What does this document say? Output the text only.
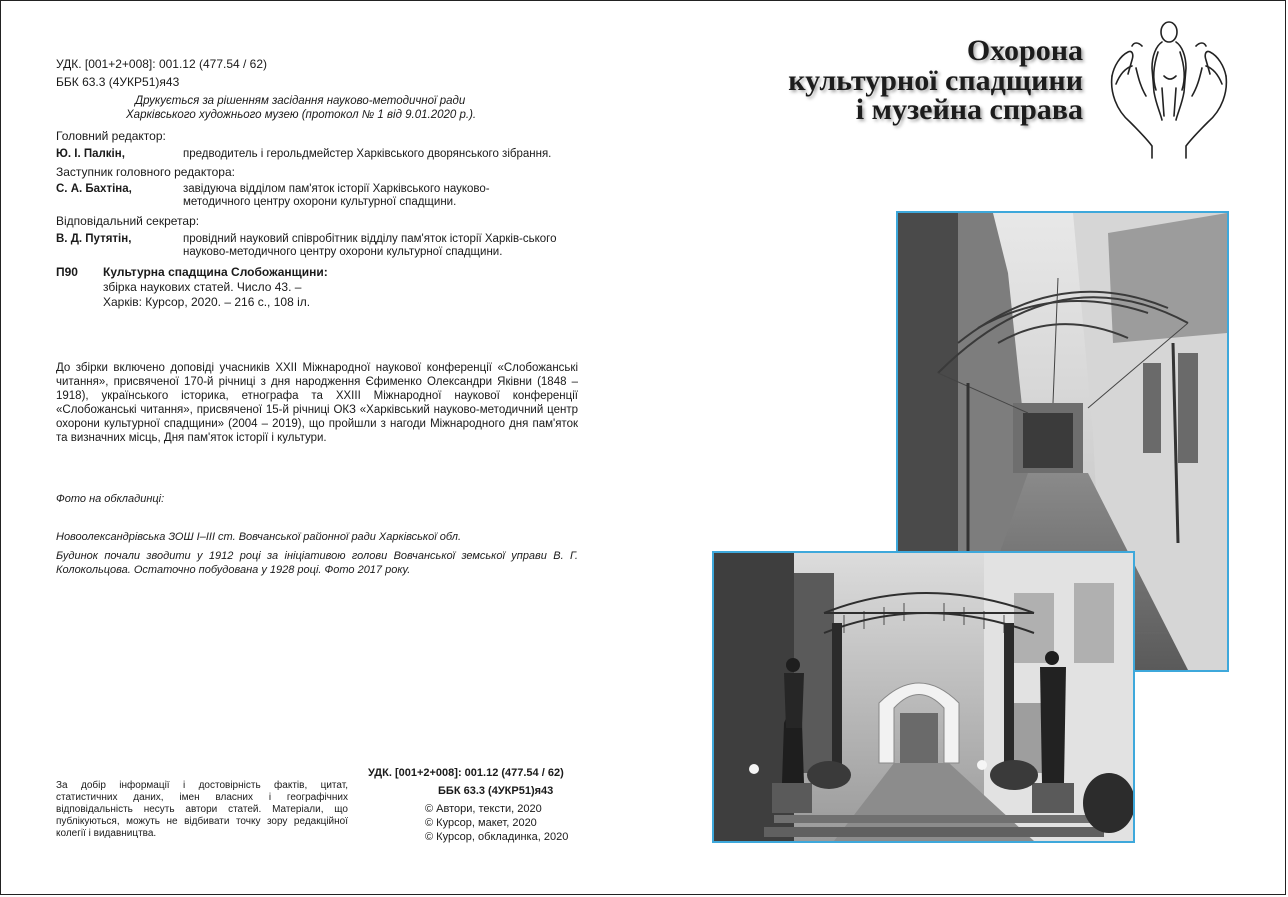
УДК. [001+2+008]: 001.12 (477.54 / 62)
ББК 63.3 (4УКР51)я43
Друкується за рішенням засідання науково-методичної ради
Харківського художнього музею (протокол № 1 від 9.01.2020 р.).
Головний редактор:
Ю. І. Палкін,	предводитель і герольдмейстер Харківського дворянського зібрання.
Заступник головного редактора:
С. А. Бахтіна,	завідуюча відділом пам'яток історії Харківського науково-методичного центру охорони культурної спадщини.
Відповідальний секретар:
В. Д. Путятін,	провідний науковий співробітник відділу пам'яток історії Харків-ського науково-методичного центру охорони культурної спадщини.
П90 Культурна спадщина Слобожанщини:
збірка наукових статей. Число 43. –
Харків: Курсор, 2020. – 216 с., 108 іл.
До збірки включено доповіді учасників XXII Міжнародної наукової конференції «Слобожанські читання», присвяченої 170-й річниці з дня народження Єфименко Олександри Яківни (1848 – 1918), українського історика, етнографа та XXIII Міжнародної наукової конференції «Слобожанські читання», присвяченої 15-й річниці ОКЗ «Харківський науково-методичний центр охорони культурної спадщини» (2004 – 2019), що пройшли з нагоди Міжнародного дня пам'яток та визначних місць, Дня пам'яток історії і культури.
Фото на обкладинці:
Новоолександрівська ЗОШ І–ІІІ ст. Вовчанської районної ради Харківської обл.
Будинок почали зводити у 1912 році за ініціативою голови Вовчанської земської управи В. Г. Колокольцова. Остаточно побудована у 1928 році. Фото 2017 року.
За добір інформації і достовірність фактів, цитат, статистичних даних, імен власних і географічних відповідальність несуть автори статей. Матеріали, що публікуються, можуть не відбивати точку зору редакційної колегії і видавництва.
УДК. [001+2+008]: 001.12 (477.54 / 62)
ББК 63.3 (4УКР51)я43
© Автори, тексти, 2020
© Курсор, макет, 2020
© Курсор, обкладинка, 2020
Охорона
культурної спадщини
і музейна справа
